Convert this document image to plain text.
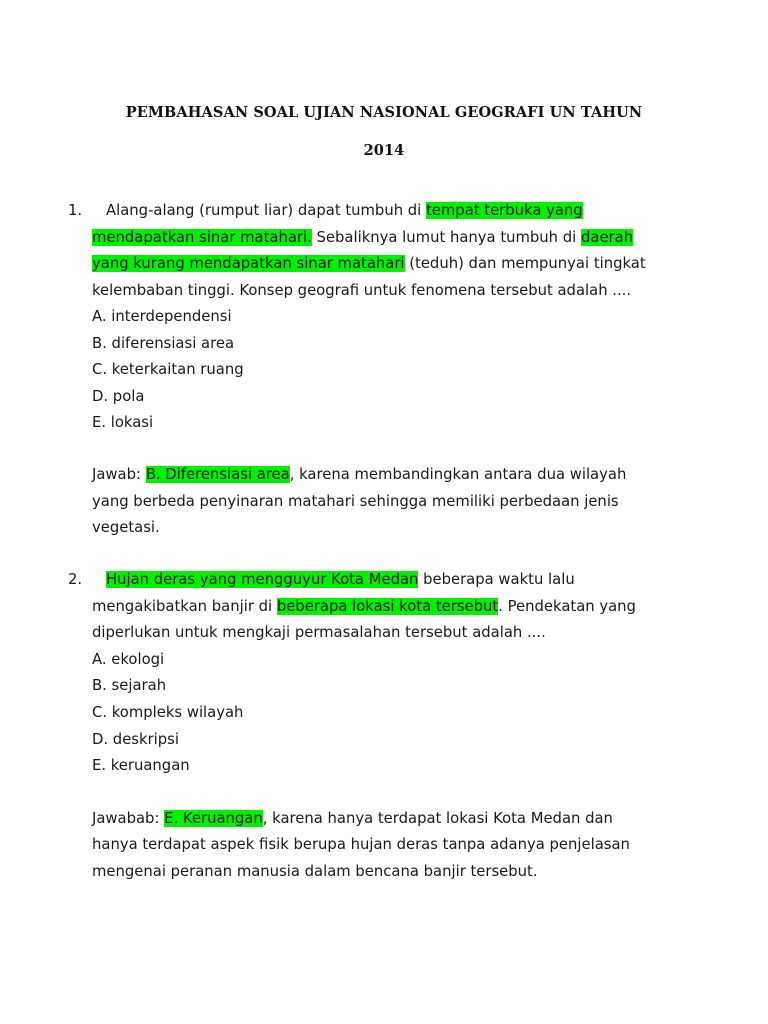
PEMBAHASAN SOAL UJIAN NASIONAL GEOGRAFI UN TAHUN
2014
1. Alang-alang (rumput liar) dapat tumbuh di tempat terbuka yang
mendapatkan sinar matahari. Sebaliknya lumut hanya tumbuh di daerah
yang kurang mendapatkan sinar matahari (teduh) dan mempunyai tingkat
kelembaban tinggi. Konsep geografi untuk fenomena tersebut adalah ....
A. interdependensi
B. diferensiasi area
C. keterkaitan ruang
D. pola
E. lokasi
Jawab: B. Diferensiasi area, karena membandingkan antara dua wilayah
yang berbeda penyinaran matahari sehingga memiliki perbedaan jenis
vegetasi.
2. Hujan deras yang mengguyur Kota Medan beberapa waktu lalu
mengakibatkan banjir di beberapa lokasi kota tersebut. Pendekatan yang
diperlukan untuk mengkaji permasalahan tersebut adalah ....
A. ekologi
B. sejarah
C. kompleks wilayah
D. deskripsi
E. keruangan
Jawabab: E. Keruangan, karena hanya terdapat lokasi Kota Medan dan
hanya terdapat aspek fisik berupa hujan deras tanpa adanya penjelasan
mengenai peranan manusia dalam bencana banjir tersebut.
